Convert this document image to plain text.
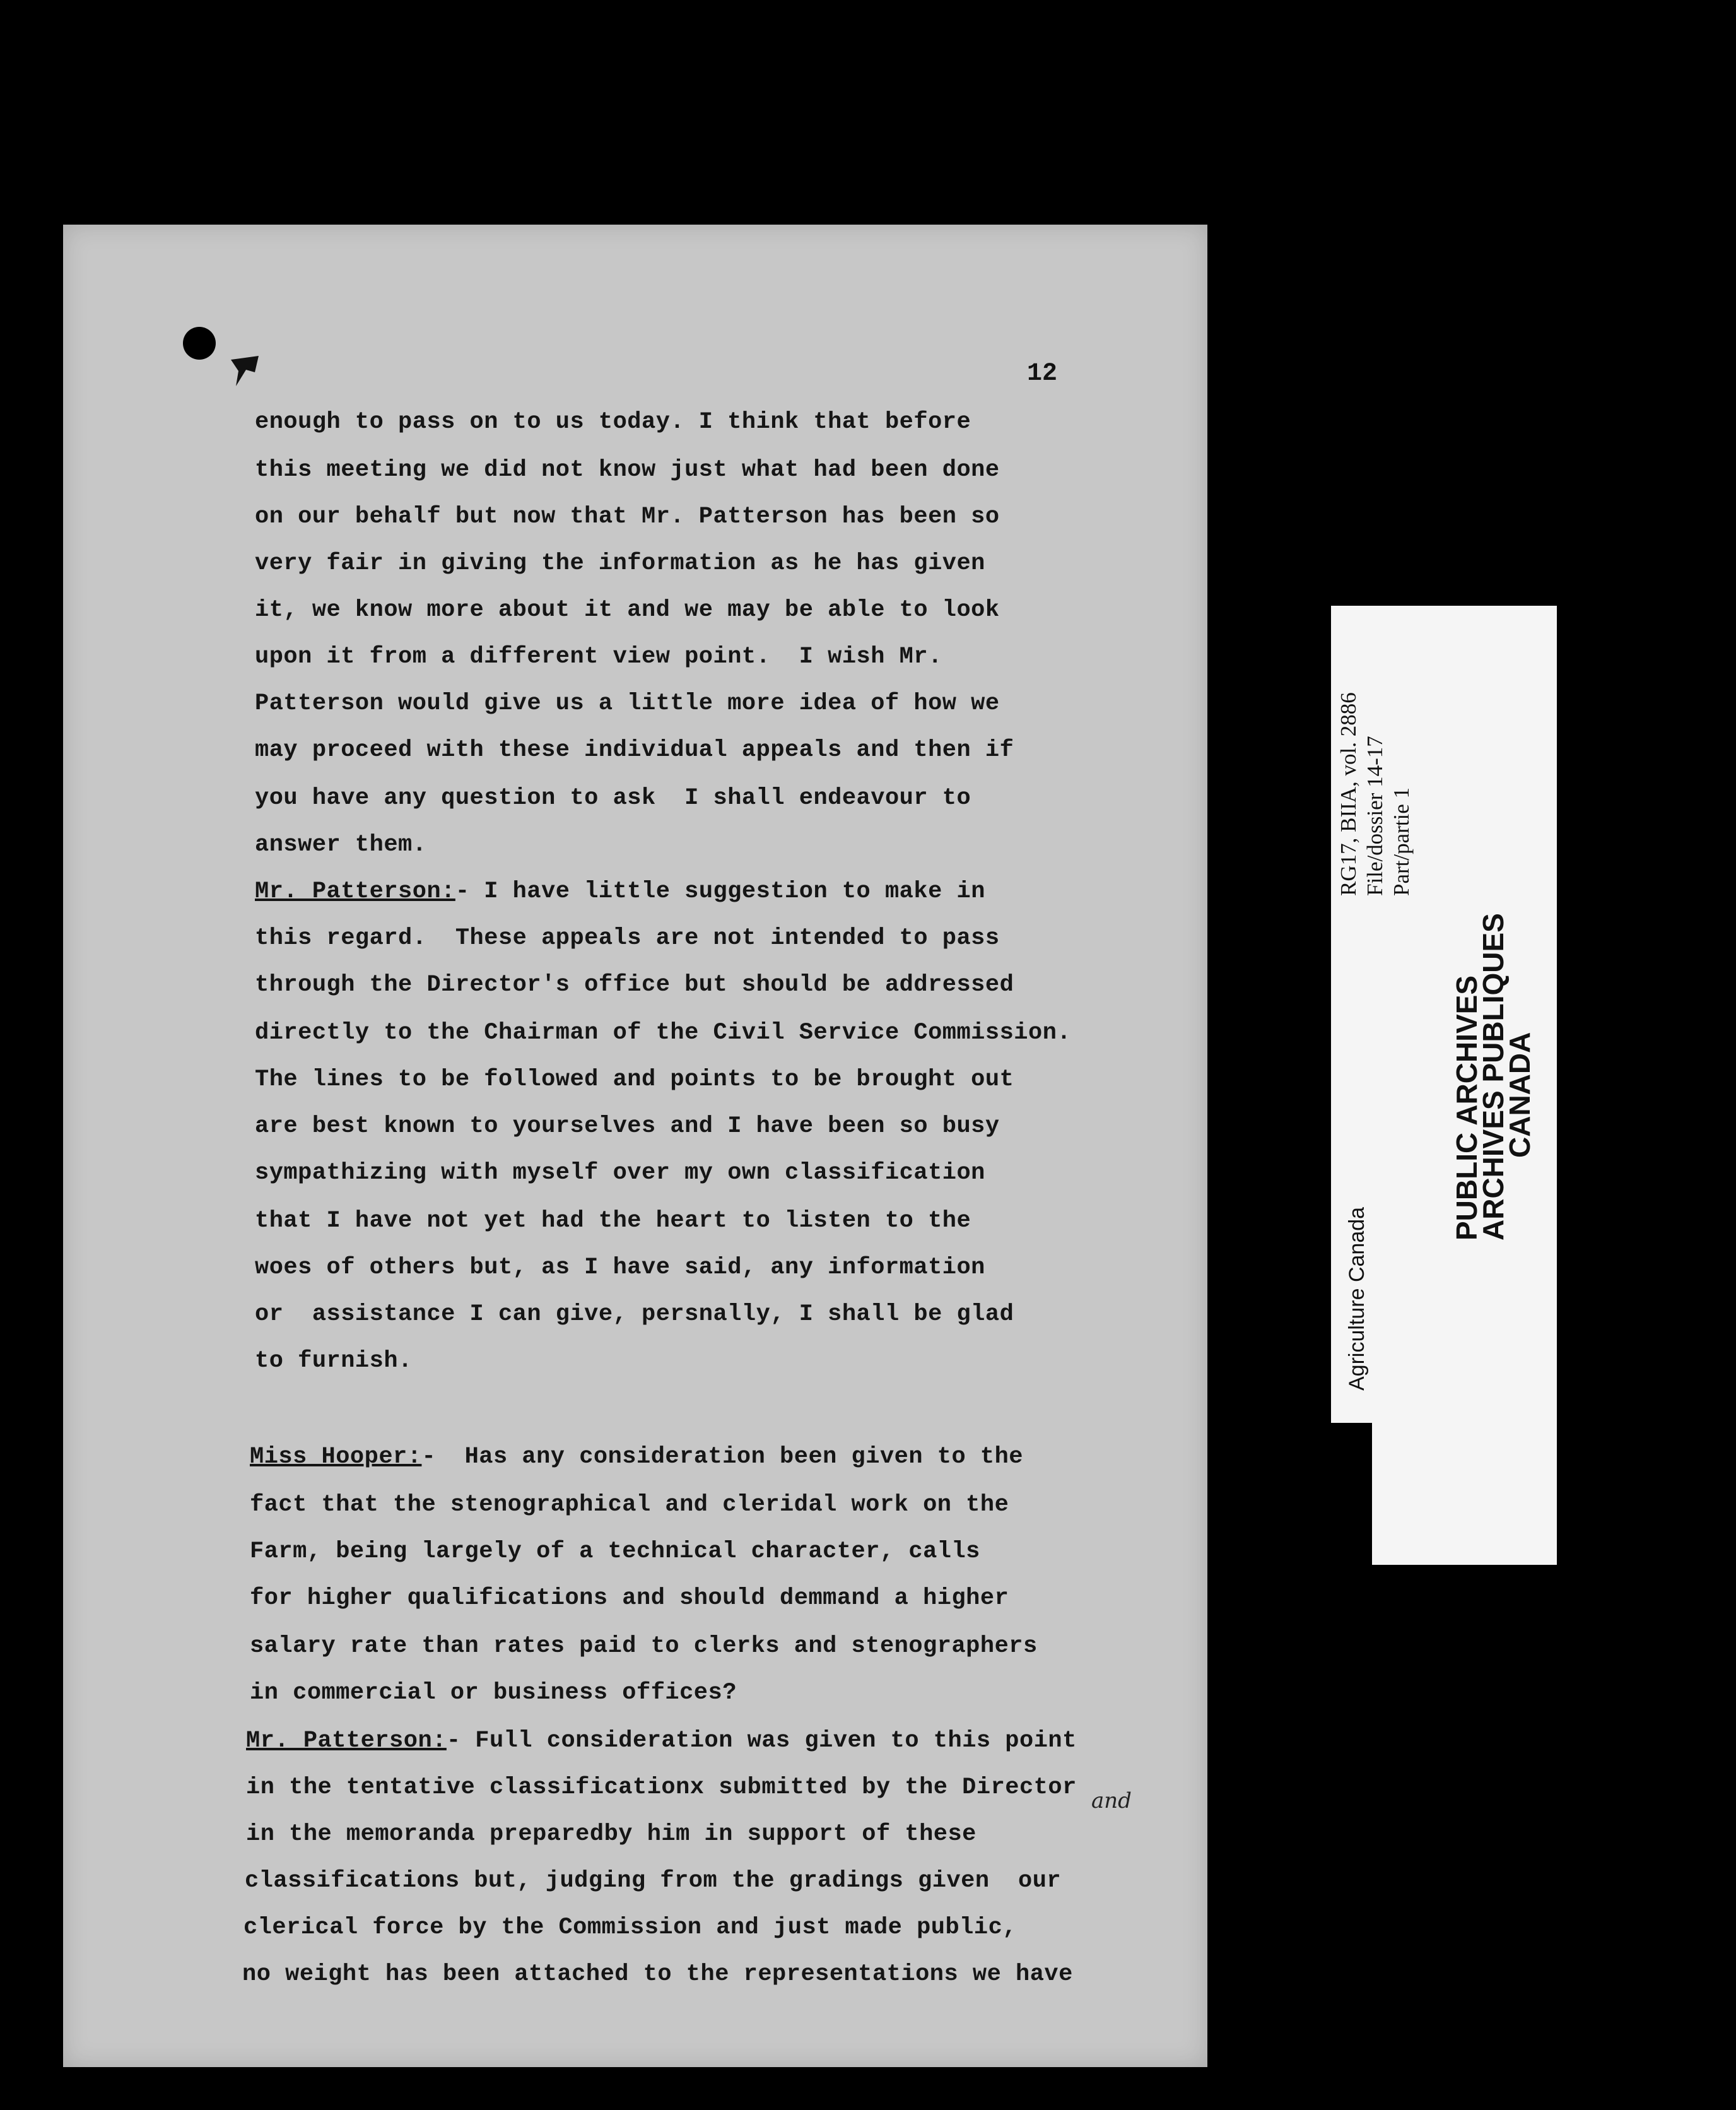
12
enough to pass on to us today. I think that before
this meeting we did not know just what had been done
on our behalf but now that Mr. Patterson has been so
very fair in giving the information as he has given
it, we know more about it and we may be able to look
upon it from a different view point.  I wish Mr.
Patterson would give us a little more idea of how we
may proceed with these individual appeals and then if
you have any question to ask  I shall endeavour to
answer them.
Mr. Patterson:- I have little suggestion to make in
this regard.  These appeals are not intended to pass
through the Director's office but should be addressed
directly to the Chairman of the Civil Service Commission.
The lines to be followed and points to be brought out
are best known to yourselves and I have been so busy
sympathizing with myself over my own classification
that I have not yet had the heart to listen to the
woes of others but, as I have said, any information
or  assistance I can give, persnally, I shall be glad
to furnish.
Miss Hooper:-  Has any consideration been given to the
fact that the stenographical and cleridal work on the
Farm, being largely of a technical character, calls
for higher qualifications and should demmand a higher
salary rate than rates paid to clerks and stenographers
in commercial or business offices?
Mr. Patterson:- Full consideration was given to this point
in the tentative classificationx submitted by the Director
in the memoranda preparedby him in support of these
classifications but, judging from the gradings given  our
clerical force by the Commission and just made public,
no weight has been attached to the representations we have
and
RG17, BIIA, vol. 2886 File/dossier 14-17 Part/partie 1
PUBLIC ARCHIVES
ARCHIVES PUBLIQUES
CANADA
Agriculture Canada
